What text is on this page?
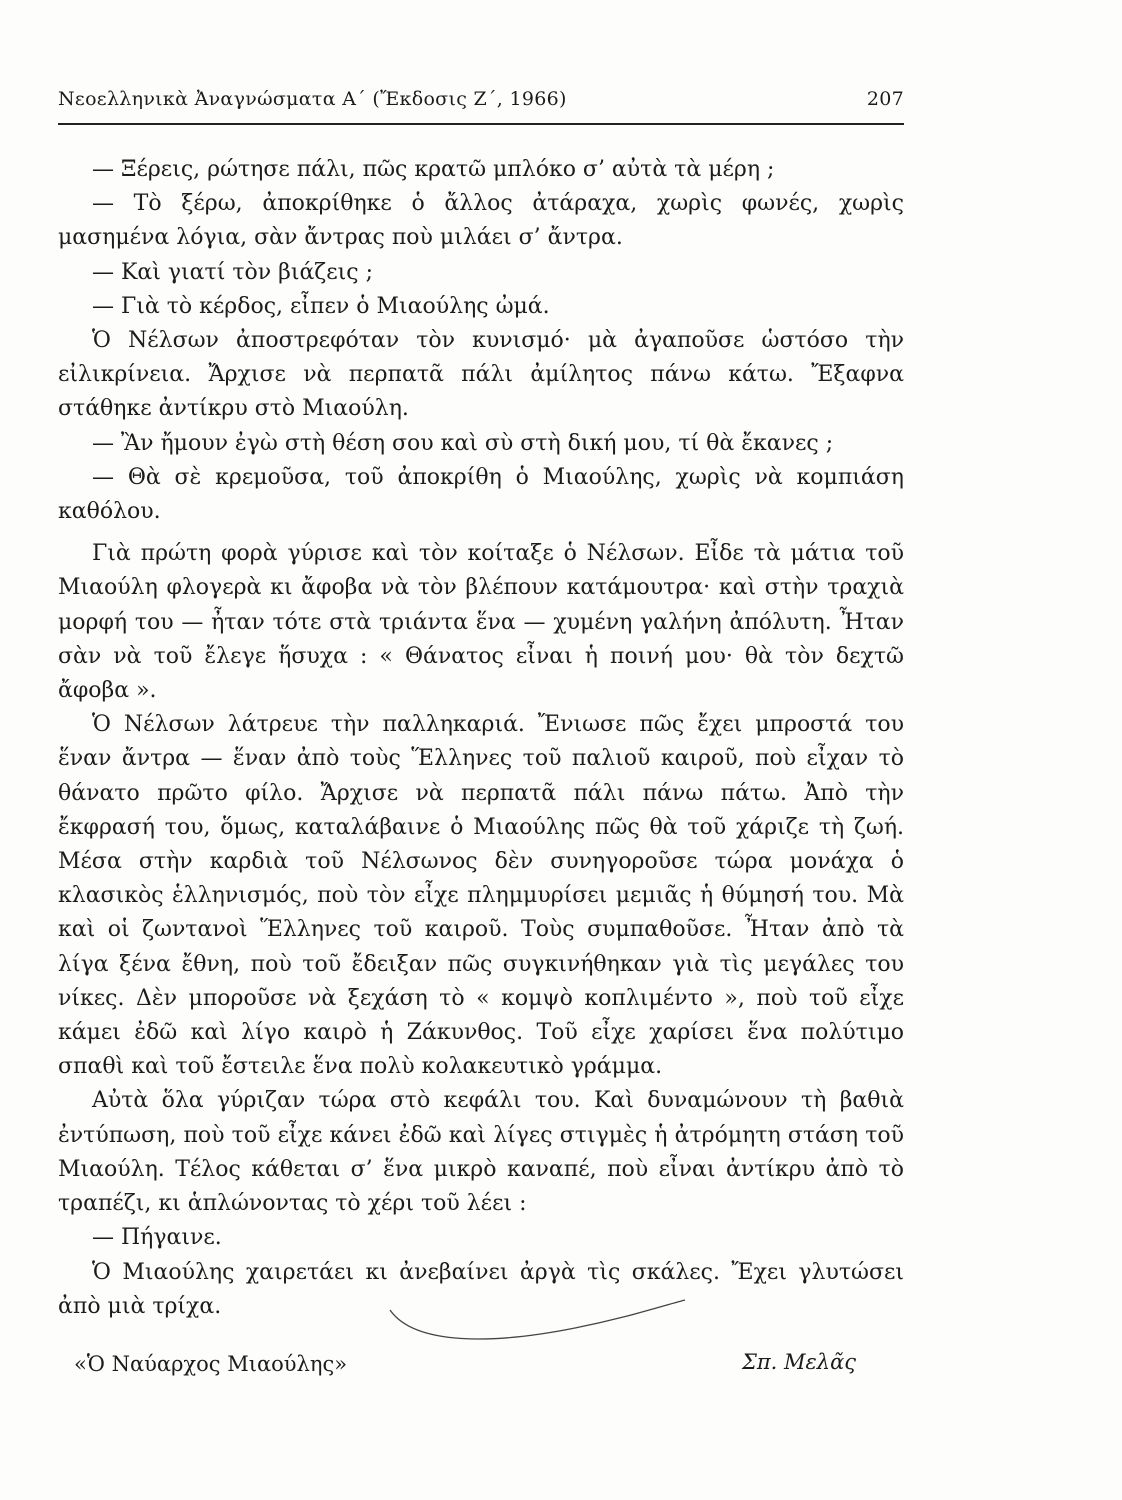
Νεοελληνικὰ Ἀναγνώσματα Α΄ (Ἔκδοσις Ζ΄, 1966)	207

— Ξέρεις, ρώτησε πάλι, πῶς κρατῶ μπλόκο σ’ αὐτὰ τὰ μέρη ;

— Τὸ ξέρω, ἀποκρίθηκε ὁ ἄλλος ἀτάραχα, χωρὶς φωνές, χωρὶς μασημένα λόγια, σὰν ἄντρας ποὺ μιλάει σ’ ἄντρα.

— Καὶ γιατί τὸν βιάζεις ;

— Γιὰ τὸ κέρδος, εἶπεν ὁ Μιαούλης ὠμά.

Ὁ Νέλσων ἀποστρεφόταν τὸν κυνισμό· μὰ ἀγαποῦσε ὡστόσο τὴν εἰλικρίνεια. Ἄρχισε νὰ περπατᾶ πάλι ἀμίλητος πάνω κάτω. Ἔξαφνα στάθηκε ἀντίκρυ στὸ Μιαούλη.

— Ἂν ἤμουν ἐγὼ στὴ θέση σου καὶ σὺ στὴ δική μου, τί θὰ ἔκανες ;

— Θὰ σὲ κρεμοῦσα, τοῦ ἀποκρίθη ὁ Μιαούλης, χωρὶς νὰ κομπιάση καθόλου.

Γιὰ πρώτη φορὰ γύρισε καὶ τὸν κοίταξε ὁ Νέλσων. Εἶδε τὰ μάτια τοῦ Μιαούλη φλογερὰ κι ἄφοβα νὰ τὸν βλέπουν κατάμουτρα· καὶ στὴν τραχιὰ μορφή του — ἦταν τότε στὰ τριάντα ἕνα — χυμένη γαλήνη ἀπόλυτη. Ἦταν σὰν νὰ τοῦ ἔλεγε ἥσυχα : « Θάνατος εἶναι ἡ ποινή μου· θὰ τὸν δεχτῶ ἄφοβα ».

Ὁ Νέλσων λάτρευε τὴν παλληκαριά. Ἔνιωσε πῶς ἔχει μπροστά του ἕναν ἄντρα — ἕναν ἀπὸ τοὺς Ἕλληνες τοῦ παλιοῦ καιροῦ, ποὺ εἶχαν τὸ θάνατο πρῶτο φίλο. Ἄρχισε νὰ περπατᾶ πάλι πάνω πάτω. Ἀπὸ τὴν ἔκφρασή του, ὅμως, καταλάβαινε ὁ Μιαούλης πῶς θὰ τοῦ χάριζε τὴ ζωή. Μέσα στὴν καρδιὰ τοῦ Νέλσωνος δὲν συνηγοροῦσε τώρα μονάχα ὁ κλασικὸς ἑλληνισμός, ποὺ τὸν εἶχε πλημμυρίσει μεμιᾶς ἡ θύμησή του. Μὰ καὶ οἱ ζωντανοὶ Ἕλληνες τοῦ καιροῦ. Τοὺς συμπαθοῦσε. Ἦταν ἀπὸ τὰ λίγα ξένα ἔθνη, ποὺ τοῦ ἔδειξαν πῶς συγκινήθηκαν γιὰ τὶς μεγάλες του νίκες. Δὲν μποροῦσε νὰ ξεχάση τὸ « κομψὸ κοπλιμέντο », ποὺ τοῦ εἶχε κάμει ἐδῶ καὶ λίγο καιρὸ ἡ Ζάκυνθος. Τοῦ εἶχε χαρίσει ἕνα πολύτιμο σπαθὶ καὶ τοῦ ἔστειλε ἕνα πολὺ κολακευτικὸ γράμμα.

Αὐτὰ ὅλα γύριζαν τώρα στὸ κεφάλι του. Καὶ δυναμώνουν τὴ βαθιὰ ἐντύπωση, ποὺ τοῦ εἶχε κάνει ἐδῶ καὶ λίγες στιγμὲς ἡ ἀτρόμητη στάση τοῦ Μιαούλη. Τέλος κάθεται σ’ ἕνα μικρὸ καναπέ, ποὺ εἶναι ἀντίκρυ ἀπὸ τὸ τραπέζι, κι ἁπλώνοντας τὸ χέρι τοῦ λέει :

— Πήγαινε.

Ὁ Μιαούλης χαιρετάει κι ἀνεβαίνει ἀργὰ τὶς σκάλες. Ἔχει γλυτώσει ἀπὸ μιὰ τρίχα.

«Ὁ Ναύαρχος Μιαούλης»	Σπ. Μελᾶς
